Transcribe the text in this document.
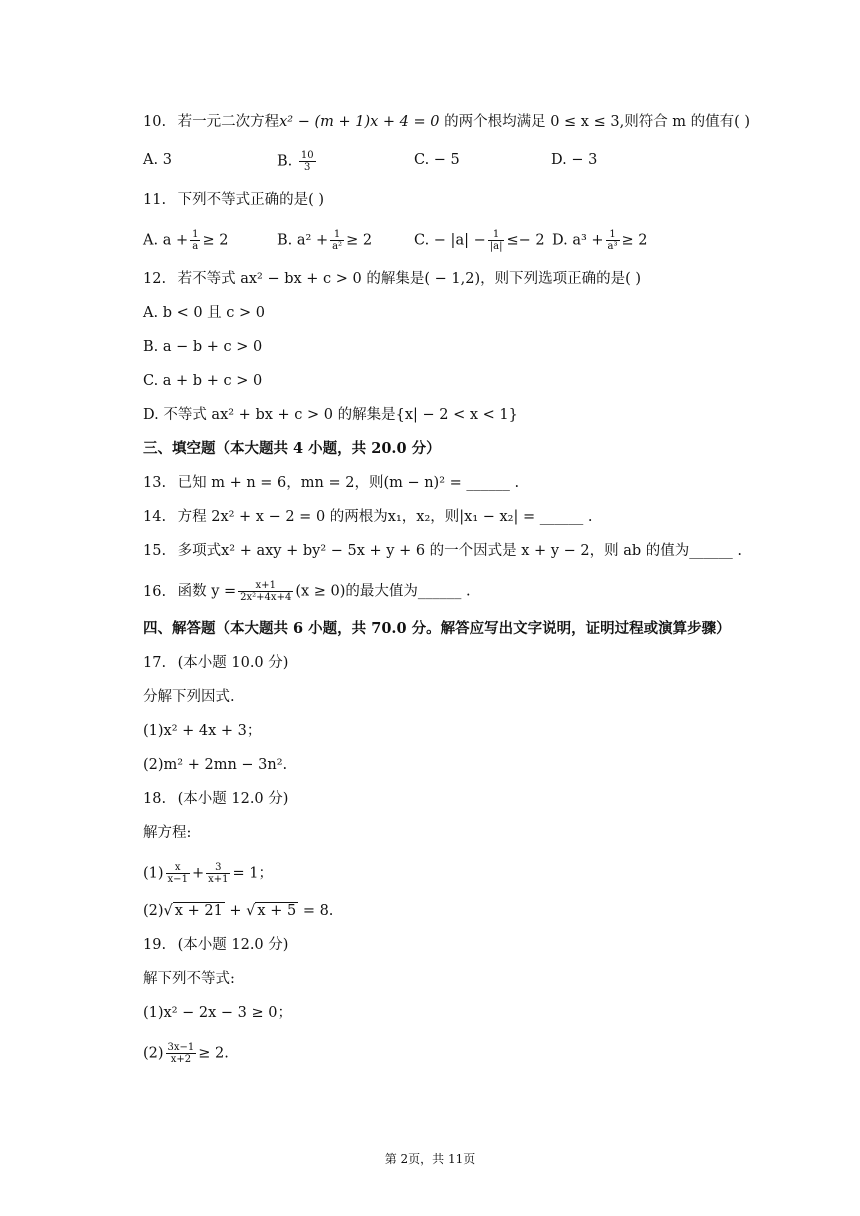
10. 若一元二次方程x² − (m + 1)x + 4 = 0 的两个根均满足 0 ≤ x ≤ 3,则符合 m 的值有( )
A. 3	B. $\frac{10}{3}$	C. − 5	D. − 3
11. 下列不等式正确的是( )
A. $a + \frac{1}{a} \ge 2$	B. $a^2 + \frac{1}{\text{a²}} \ge 2$	C. − $|a| - \frac{1}{|a|} \le- 2$ D. $a^3 + \frac{1}{\text{a³}} \ge 2$
12. 若不等式 ax² − bx + c > 0 的解集是( − 1,2)，则下列选项正确的是( )
A. b < 0 且 c > 0
B. a − b + c > 0
C. a + b + c > 0
D. 不等式 ax² + bx + c > 0 的解集是{x| − 2 < x < 1}
三、填空题（本大题共 4 小题，共 20.0 分）
13. 已知 m + n = 6，mn = 2，则(m − n)² = ______ .
14. 方程 2x² + x − 2 = 0 的两根为x₁，x₂，则|x₁ − x₂| = ______ .
15. 多项式x² + axy + by² − 5x + y + 6 的一个因式是 x + y − 2，则 ab 的值为______ .
16. 函数 $y = \frac{x+1}{\text{2x²+4x+4}} (x \ge 0)$的最大值为______ .
四、解答题（本大题共 6 小题，共 70.0 分。解答应写出文字说明，证明过程或演算步骤）
17. (本小题 10.0 分)
分解下列因式.
(1)x² + 4x + 3；
(2)m² + 2mn − 3n².
18. (本小题 12.0 分)
解方程:
$(1) \frac{x}{x-1} + \frac{3}{x+1} = 1$；
(2)√ x + 21 + √ x + 5 = 8.
19. (本小题 12.0 分)
解下列不等式:
(1)x² − 2x − 3 ≥ 0；
$(2) \frac{3x-1}{x+2} \ge 2$.
第 2页，共 11页
